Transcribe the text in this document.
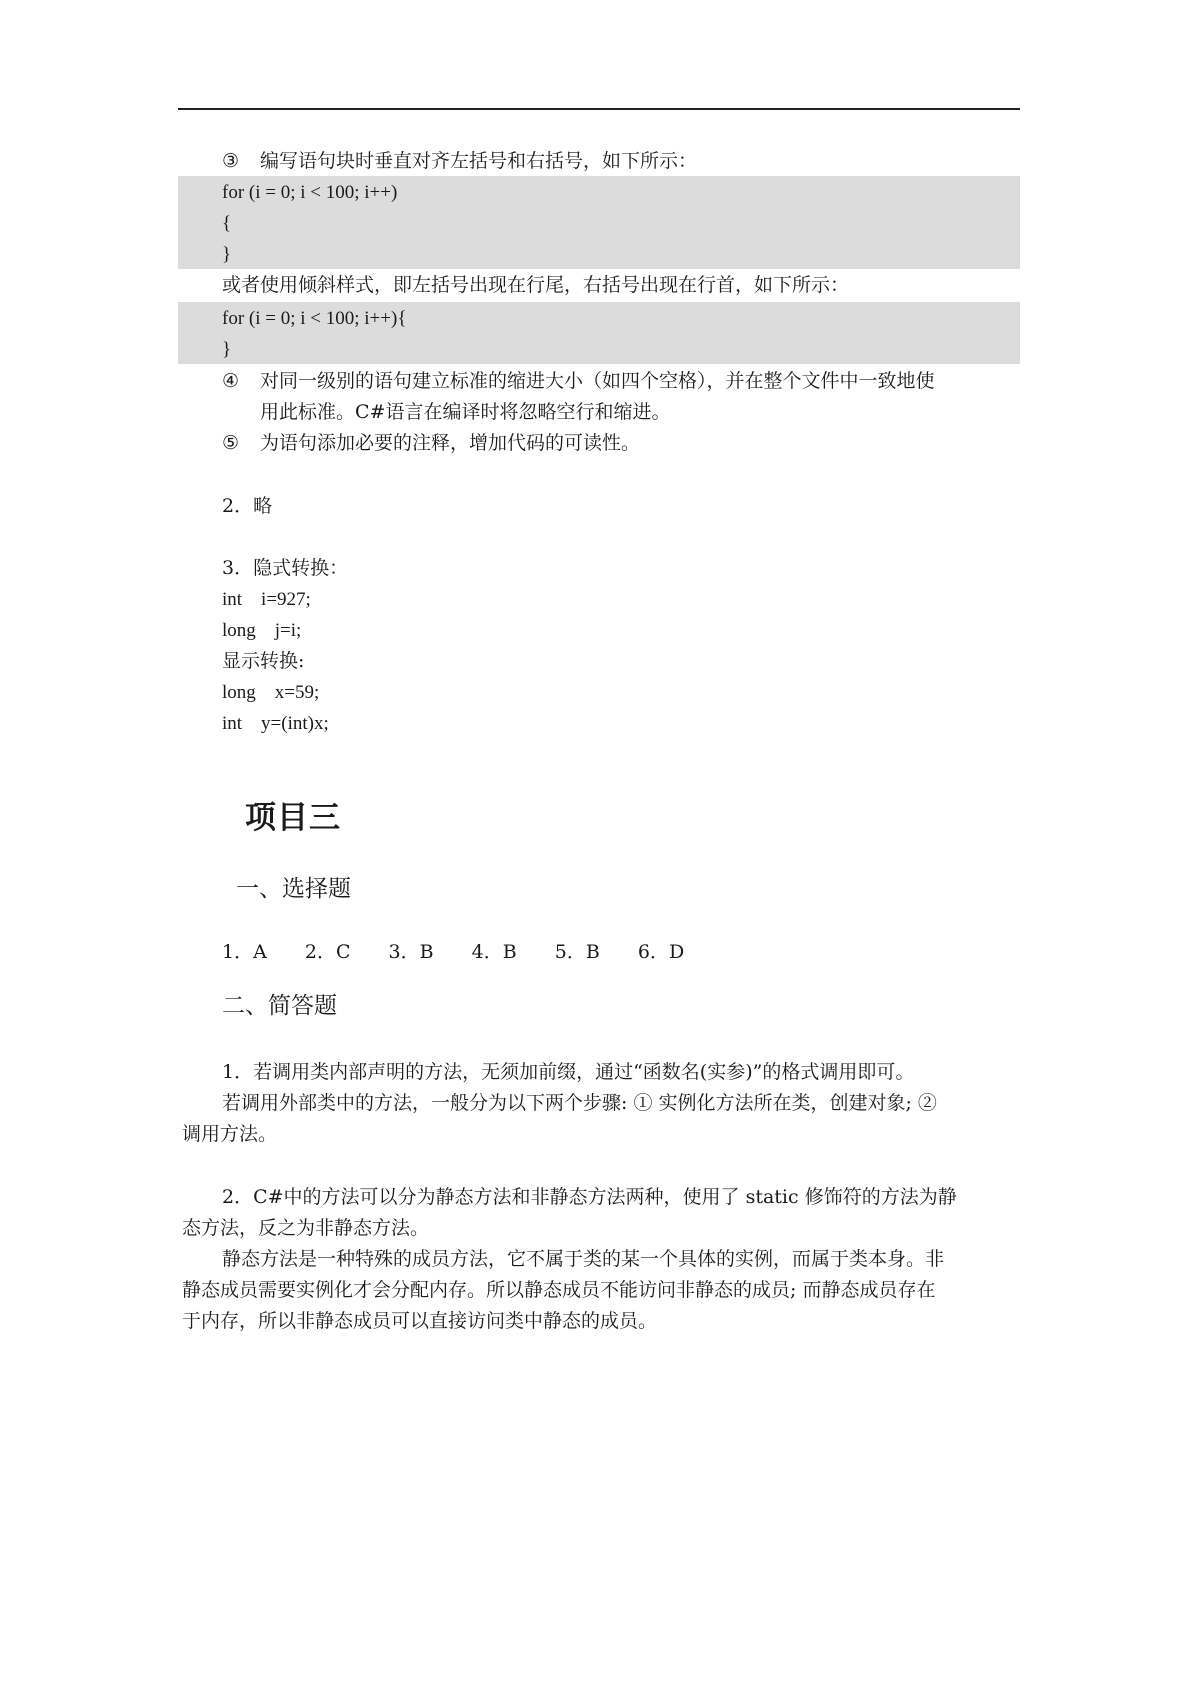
③ 编写语句块时垂直对齐左括号和右括号，如下所示：
for (i = 0; i < 100; i++)
{
}
或者使用倾斜样式，即左括号出现在行尾，右括号出现在行首，如下所示：
for (i = 0; i < 100; i++){
}
④ 对同一级别的语句建立标准的缩进大小（如四个空格），并在整个文件中一致地使
用此标准。C#语言在编译时将忽略空行和缩进。
⑤ 为语句添加必要的注释，增加代码的可读性。
2．略
3．隐式转换：
int    i=927;
long    j=i;
显示转换:
long    x=59;
int    y=(int)x;
项目三
一、选择题
1．A 2．C 3．B 4．B 5．B 6．D
二、简答题
1．若调用类内部声明的方法，无须加前缀，通过“函数名(实参)”的格式调用即可。
若调用外部类中的方法，一般分为以下两个步骤: ① 实例化方法所在类，创建对象; ②
调用方法。
2．C#中的方法可以分为静态方法和非静态方法两种，使用了 static 修饰符的方法为静
态方法，反之为非静态方法。
静态方法是一种特殊的成员方法，它不属于类的某一个具体的实例，而属于类本身。非
静态成员需要实例化才会分配内存。所以静态成员不能访问非静态的成员; 而静态成员存在
于内存，所以非静态成员可以直接访问类中静态的成员。
